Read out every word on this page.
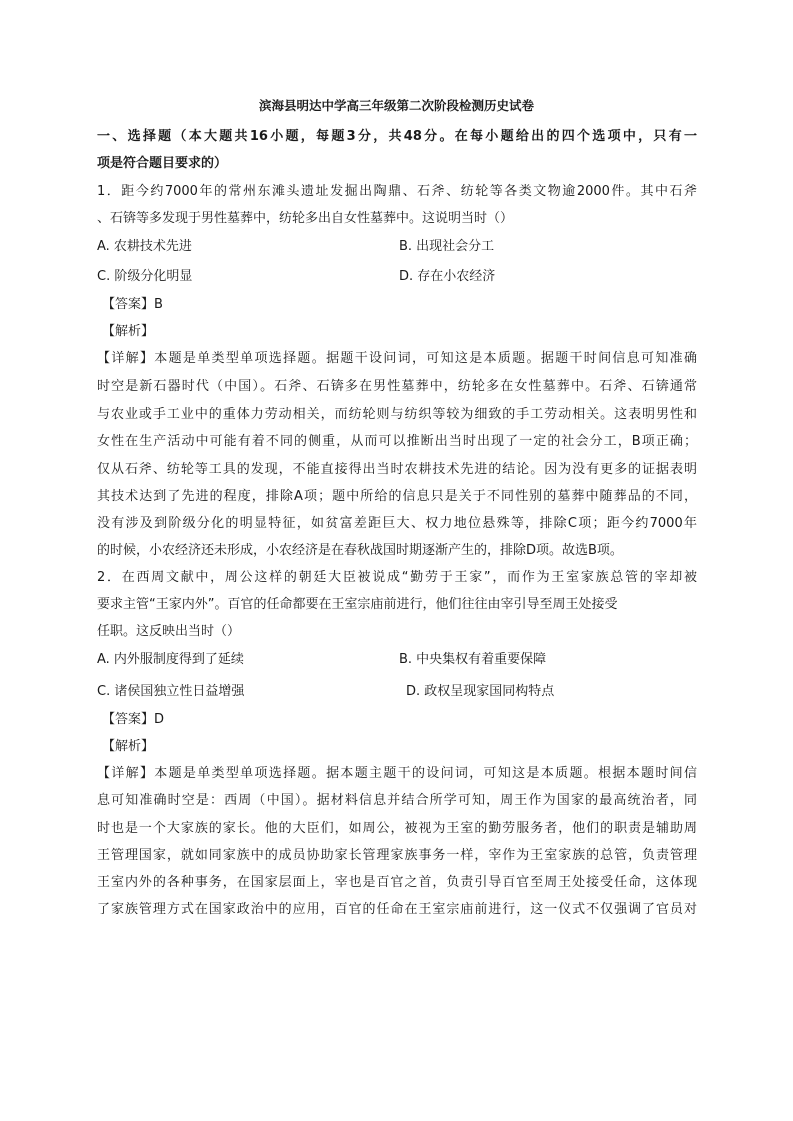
滨海县明达中学高三年级第二次阶段检测历史试卷
一、选择题（本大题共16小题，每题3分，共48分。在每小题给出的四个选项中，只有一
项是符合题目要求的）
1．距今约7000年的常州东滩头遗址发掘出陶鼎、石斧、纺轮等各类文物逾2000件。其中石斧
、石锛等多发现于男性墓葬中，纺轮多出自女性墓葬中。这说明当时（）
A. 农耕技术先进	B. 出现社会分工
C. 阶级分化明显	D. 存在小农经济
【答案】B
【解析】
【详解】本题是单类型单项选择题。据题干设问词，可知这是本质题。据题干时间信息可知准确
时空是新石器时代（中国）。石斧、石锛多在男性墓葬中，纺轮多在女性墓葬中。石斧、石锛通常
与农业或手工业中的重体力劳动相关，而纺轮则与纺织等较为细致的手工劳动相关。这表明男性和
女性在生产活动中可能有着不同的侧重，从而可以推断出当时出现了一定的社会分工，B项正确；
仅从石斧、纺轮等工具的发现，不能直接得出当时农耕技术先进的结论。因为没有更多的证据表明
其技术达到了先进的程度，排除A项；题中所给的信息只是关于不同性别的墓葬中随葬品的不同，
没有涉及到阶级分化的明显特征，如贫富差距巨大、权力地位悬殊等，排除C项；距今约7000年
的时候，小农经济还未形成，小农经济是在春秋战国时期逐渐产生的，排除D项。故选B项。
2．在西周文献中，周公这样的朝廷大臣被说成“勤劳于王家”，而作为王室家族总管的宰却被
要求主管“王家内外”。百官的任命都要在王室宗庙前进行，他们往往由宰引导至周王处接受
任职。这反映出当时（）
A. 内外服制度得到了延续	B. 中央集权有着重要保障
C. 诸侯国独立性日益增强	D. 政权呈现家国同构特点
【答案】D
【解析】
【详解】本题是单类型单项选择题。据本题主题干的设问词，可知这是本质题。根据本题时间信
息可知准确时空是：西周（中国）。据材料信息并结合所学可知，周王作为国家的最高统治者，同
时也是一个大家族的家长。他的大臣们，如周公，被视为王室的勤劳服务者，他们的职责是辅助周
王管理国家，就如同家族中的成员协助家长管理家族事务一样，宰作为王室家族的总管，负责管理
王室内外的各种事务，在国家层面上，宰也是百官之首，负责引导百官至周王处接受任命，这体现
了家族管理方式在国家政治中的应用，百官的任命在王室宗庙前进行，这一仪式不仅强调了官员对
